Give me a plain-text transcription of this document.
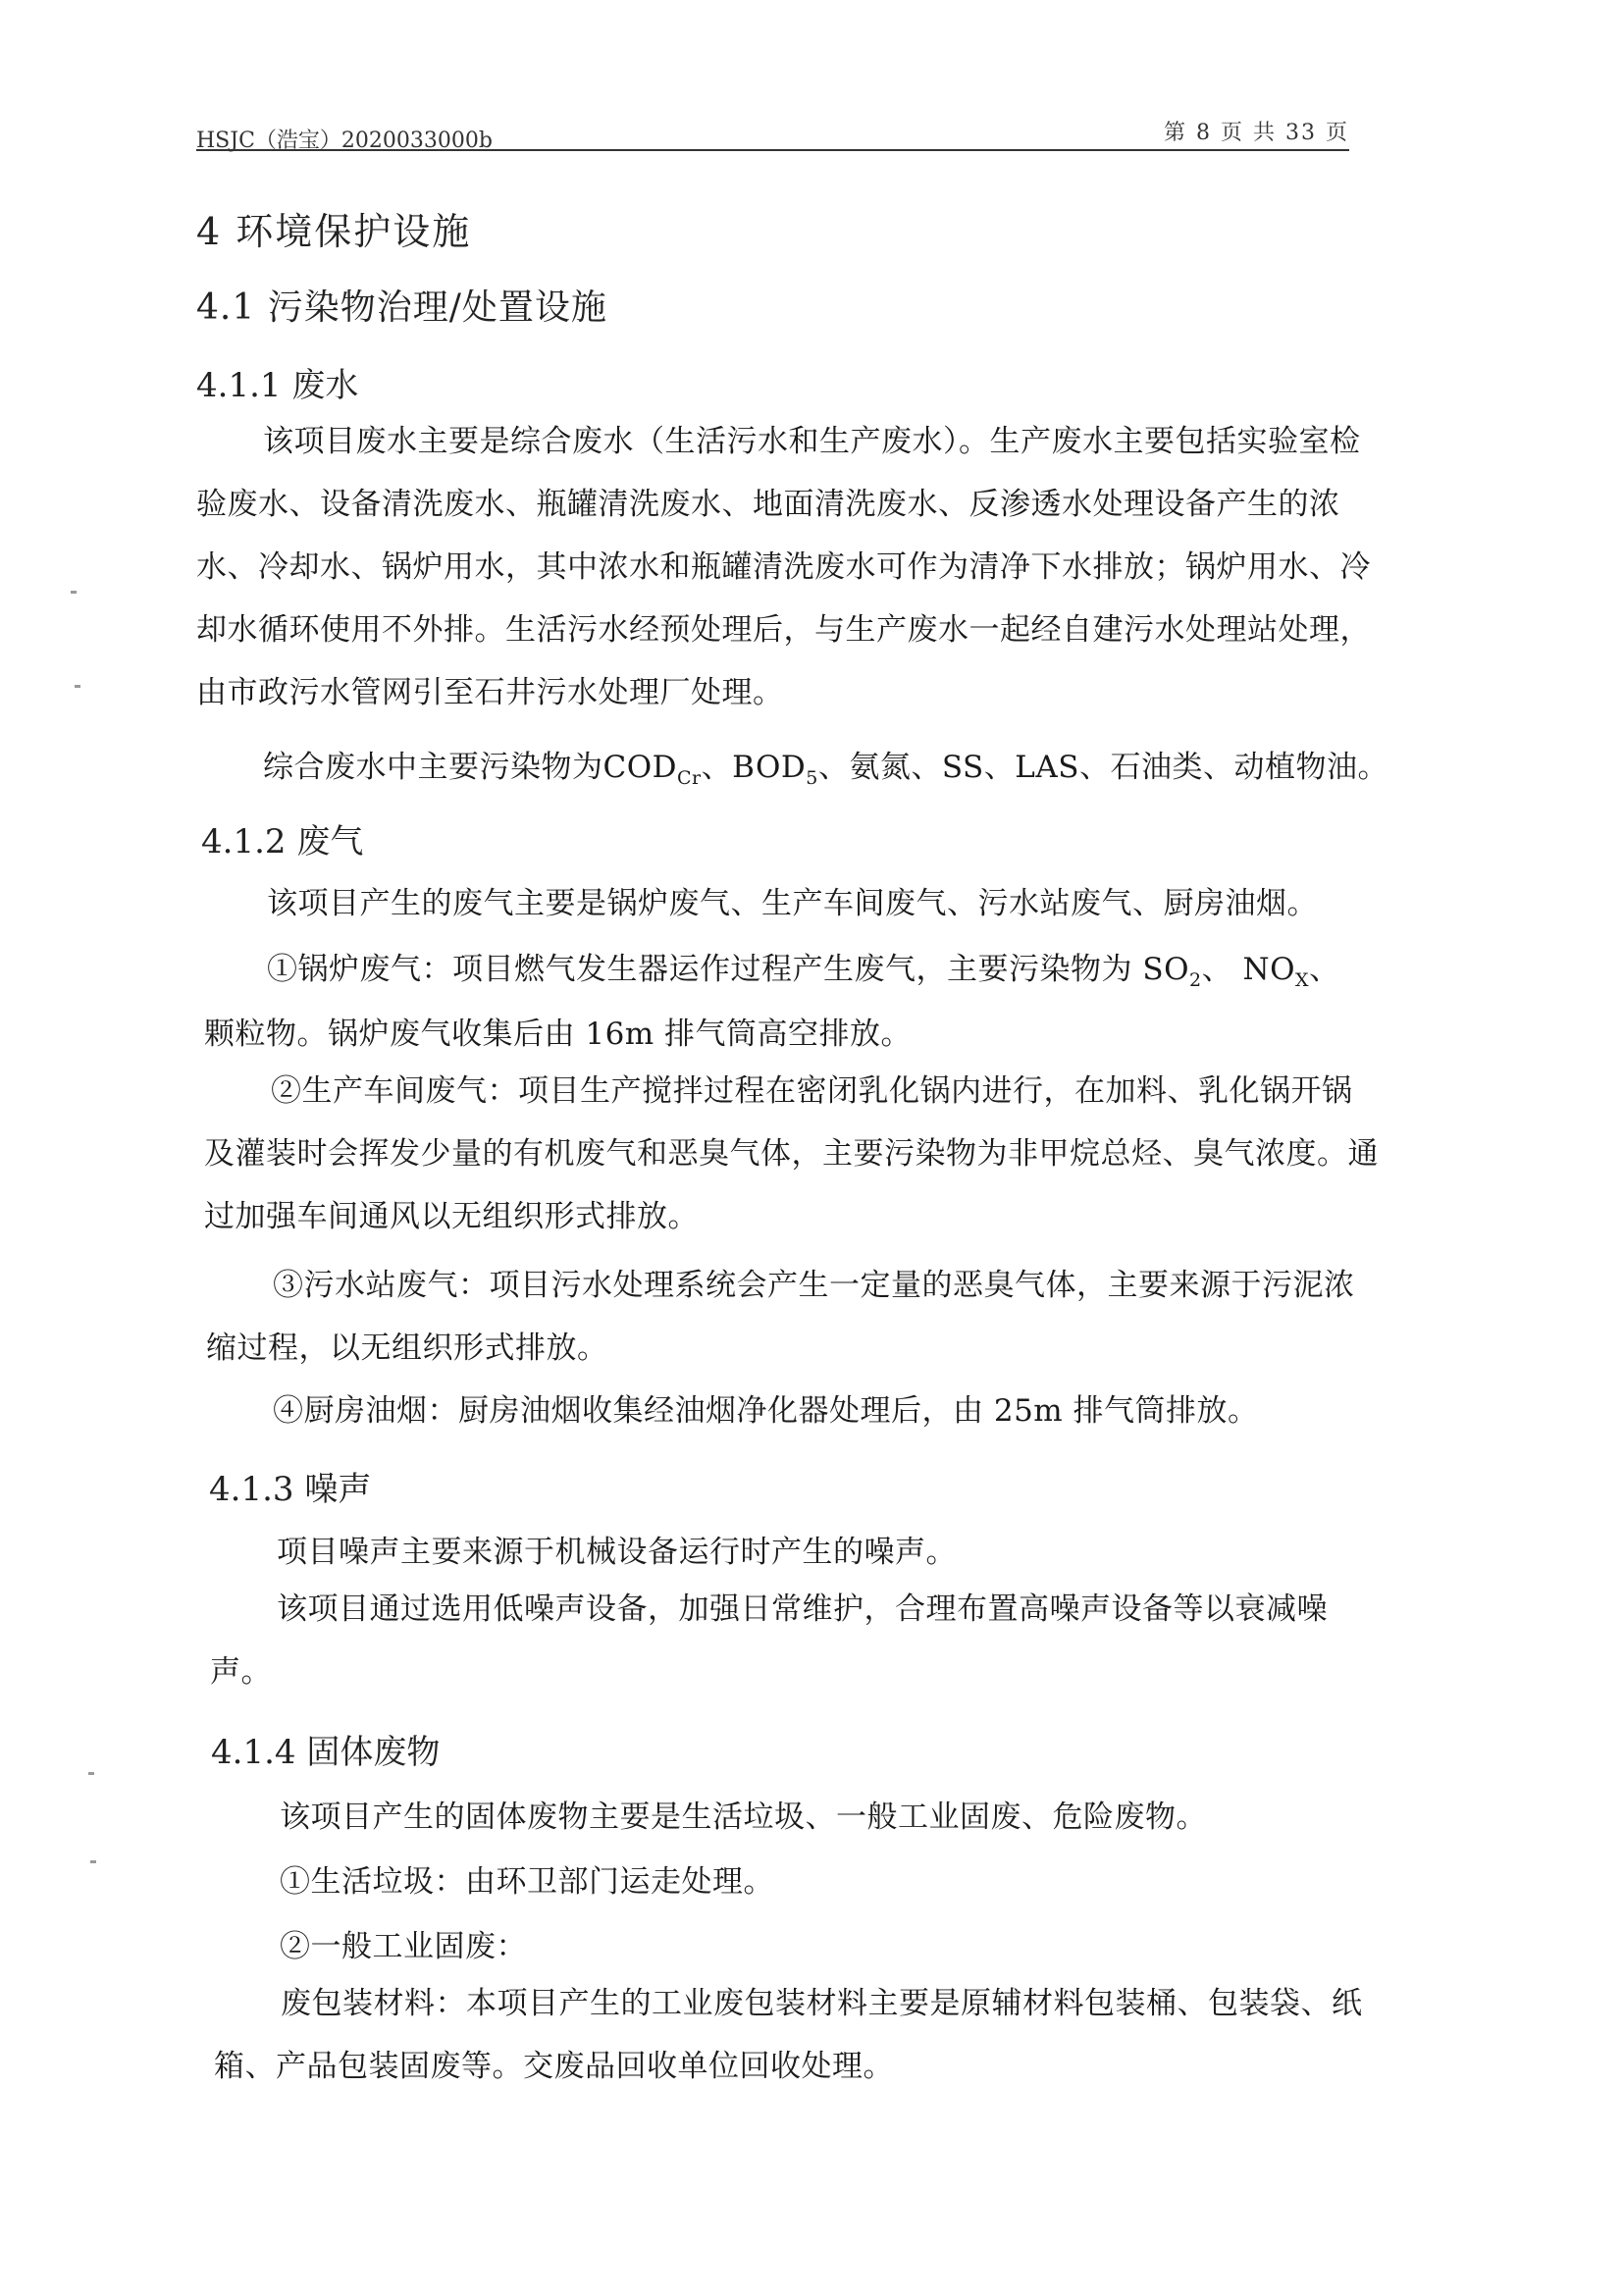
HSJC（浩宝）2020033000b	第 8 页 共 33 页
4 环境保护设施
4.1 污染物治理/处置设施
4.1.1 废水
该项目废水主要是综合废水（生活污水和生产废水）。生产废水主要包括实验室检验废水、设备清洗废水、瓶罐清洗废水、地面清洗废水、反渗透水处理设备产生的浓水、冷却水、锅炉用水，其中浓水和瓶罐清洗废水可作为清净下水排放；锅炉用水、冷却水循环使用不外排。生活污水经预处理后，与生产废水一起经自建污水处理站处理，由市政污水管网引至石井污水处理厂处理。
综合废水中主要污染物为$COD_{Cr}$、$BOD_5$、氨氮、SS、LAS、石油类、动植物油。
4.1.2 废气
该项目产生的废气主要是锅炉废气、生产车间废气、污水站废气、厨房油烟。
①锅炉废气：项目燃气发生器运作过程产生废气，主要污染物为 $SO_2$、 $NO_X$、
颗粒物。锅炉废气收集后由 16m 排气筒高空排放。
②生产车间废气：项目生产搅拌过程在密闭乳化锅内进行，在加料、乳化锅开锅及灌装时会挥发少量的有机废气和恶臭气体，主要污染物为非甲烷总烃、臭气浓度。通过加强车间通风以无组织形式排放。
③污水站废气：项目污水处理系统会产生一定量的恶臭气体，主要来源于污泥浓缩过程，以无组织形式排放。
④厨房油烟：厨房油烟收集经油烟净化器处理后，由 25m 排气筒排放。
4.1.3 噪声
项目噪声主要来源于机械设备运行时产生的噪声。
该项目通过选用低噪声设备，加强日常维护，合理布置高噪声设备等以衰减噪声。
4.1.4 固体废物
该项目产生的固体废物主要是生活垃圾、一般工业固废、危险废物。
①生活垃圾：由环卫部门运走处理。
②一般工业固废：
废包装材料：本项目产生的工业废包装材料主要是原辅材料包装桶、包装袋、纸箱、产品包装固废等。交废品回收单位回收处理。
